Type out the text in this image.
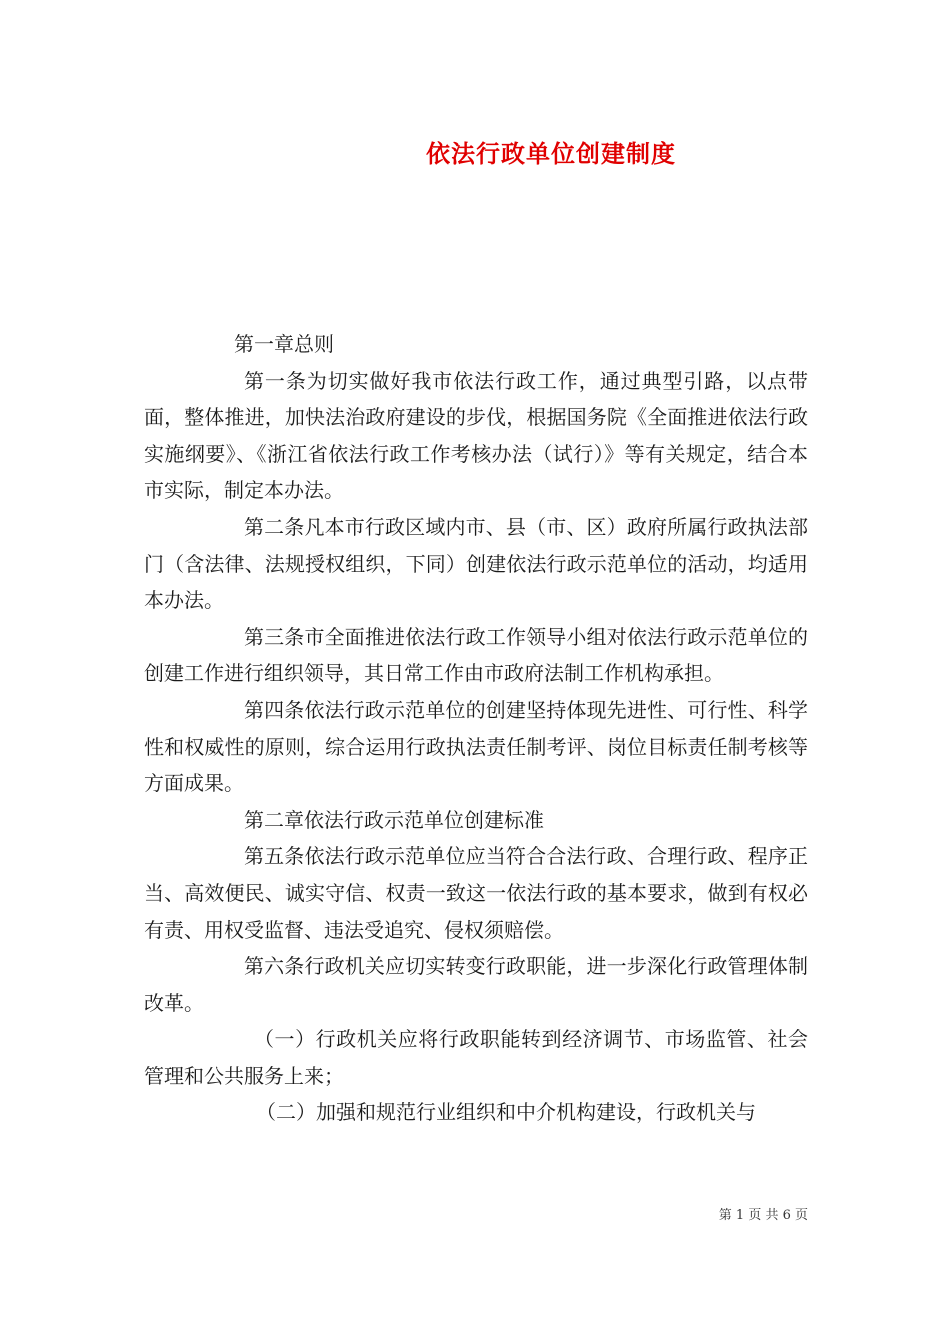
依法行政单位创建制度

第一章总则

第一条为切实做好我市依法行政工作，通过典型引路，以点带面，整体推进，加快法治政府建设的步伐，根据国务院《全面推进依法行政实施纲要》、《浙江省依法行政工作考核办法（试行）》等有关规定，结合本市实际，制定本办法。

第二条凡本市行政区域内市、县（市、区）政府所属行政执法部门（含法律、法规授权组织，下同）创建依法行政示范单位的活动，均适用本办法。

第三条市全面推进依法行政工作领导小组对依法行政示范单位的创建工作进行组织领导，其日常工作由市政府法制工作机构承担。

第四条依法行政示范单位的创建坚持体现先进性、可行性、科学性和权威性的原则，综合运用行政执法责任制考评、岗位目标责任制考核等方面成果。

第二章依法行政示范单位创建标准

第五条依法行政示范单位应当符合合法行政、合理行政、程序正当、高效便民、诚实守信、权责一致这一依法行政的基本要求，做到有权必有责、用权受监督、违法受追究、侵权须赔偿。

第六条行政机关应切实转变行政职能，进一步深化行政管理体制改革。

（一）行政机关应将行政职能转到经济调节、市场监管、社会管理和公共服务上来；

（二）加强和规范行业组织和中介机构建设，行政机关与

第 1 页 共 6 页
